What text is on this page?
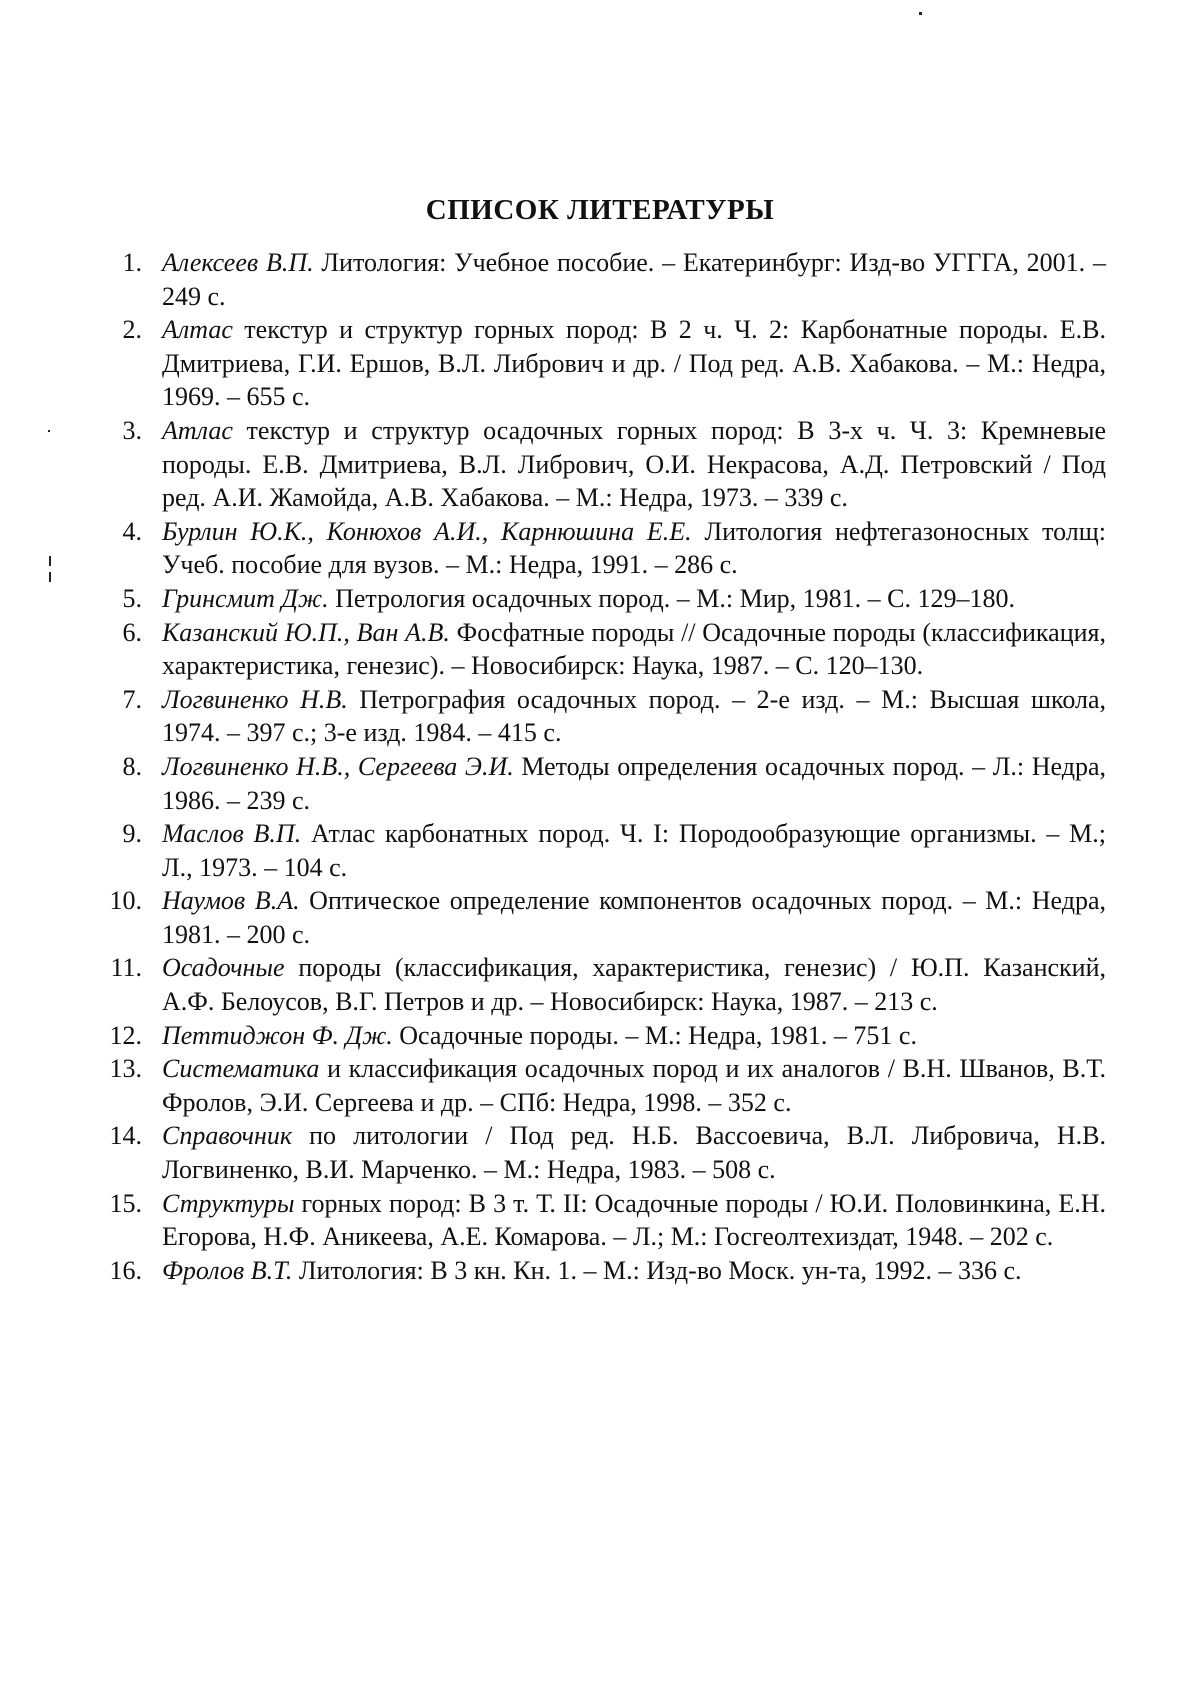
СПИСОК ЛИТЕРАТУРЫ
1. Алексеев В.П. Литология: Учебное пособие. – Екатеринбург: Изд-во УГГГА, 2001. – 249 с.
2. Алтас текстур и структур горных пород: В 2 ч. Ч. 2: Карбонатные породы. Е.В. Дмитриева, Г.И. Ершов, В.Л. Либрович и др. / Под ред. А.В. Хабакова. – М.: Недра, 1969. – 655 с.
3. Атлас текстур и структур осадочных горных пород: В 3-х ч. Ч. 3: Кремневые породы. Е.В. Дмитриева, В.Л. Либрович, О.И. Некрасова, А.Д. Петровский / Под ред. А.И. Жамойда, А.В. Хабакова. – М.: Недра, 1973. – 339 с.
4. Бурлин Ю.К., Конюхов А.И., Карнюшина Е.Е. Литология нефтегазоносных толщ: Учеб. пособие для вузов. – М.: Недра, 1991. – 286 с.
5. Гринсмит Дж. Петрология осадочных пород. – М.: Мир, 1981. – С. 129–180.
6. Казанский Ю.П., Ван А.В. Фосфатные породы // Осадочные породы (классификация, характеристика, генезис). – Новосибирск: Наука, 1987. – С. 120–130.
7. Логвиненко Н.В. Петрография осадочных пород. – 2-е изд. – М.: Высшая школа, 1974. – 397 с.; 3-е изд. 1984. – 415 с.
8. Логвиненко Н.В., Сергеева Э.И. Методы определения осадочных пород. – Л.: Недра, 1986. – 239 с.
9. Маслов В.П. Атлас карбонатных пород. Ч. I: Породообразующие организмы. – М.; Л., 1973. – 104 с.
10. Наумов В.А. Оптическое определение компонентов осадочных пород. – М.: Недра, 1981. – 200 с.
11. Осадочные породы (классификация, характеристика, генезис) / Ю.П. Казанский, А.Ф. Белоусов, В.Г. Петров и др. – Новосибирск: Наука, 1987. – 213 с.
12. Петтиджон Ф. Дж. Осадочные породы. – М.: Недра, 1981. – 751 с.
13. Систематика и классификация осадочных пород и их аналогов / В.Н. Шванов, В.Т. Фролов, Э.И. Сергеева и др. – СПб: Недра, 1998. – 352 с.
14. Справочник по литологии / Под ред. Н.Б. Вассоевича, В.Л. Либровича, Н.В. Логвиненко, В.И. Марченко. – М.: Недра, 1983. – 508 с.
15. Структуры горных пород: В 3 т. Т. II: Осадочные породы / Ю.И. Половинкина, Е.Н. Егорова, Н.Ф. Аникеева, А.Е. Комарова. – Л.; М.: Госгеолтехиздат, 1948. – 202 с.
16. Фролов В.Т. Литология: В 3 кн. Кн. 1. – М.: Изд-во Моск. ун-та, 1992. – 336 с.
